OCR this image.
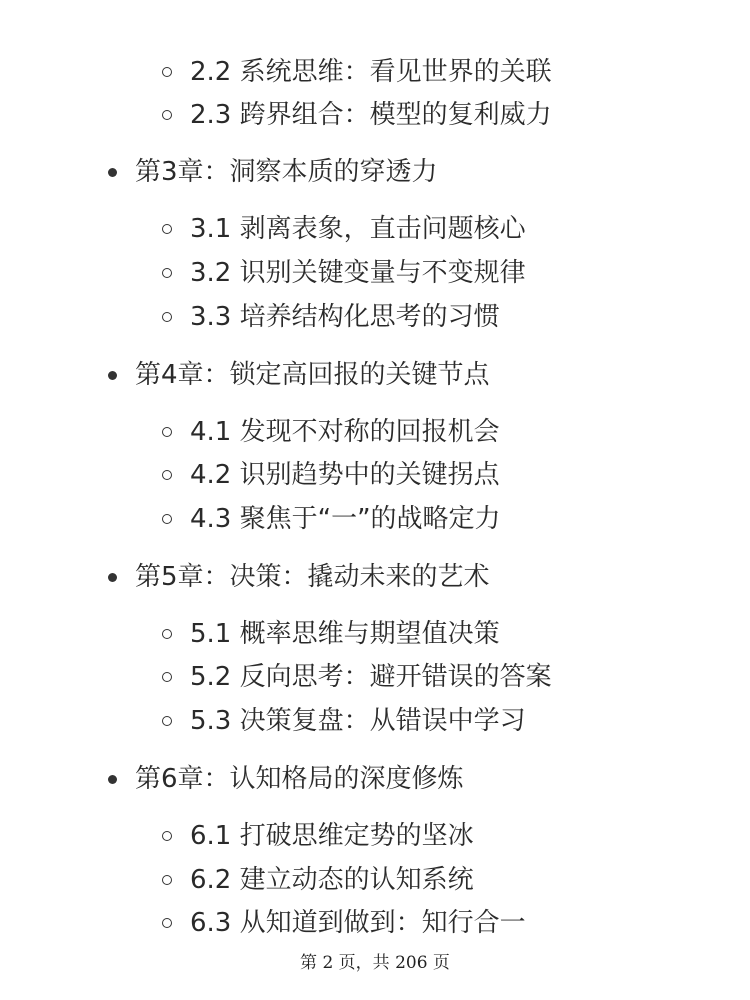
2.2 系统思维：看见世界的关联
2.3 跨界组合：模型的复利威力
第3章：洞察本质的穿透力
3.1 剥离表象，直击问题核心
3.2 识别关键变量与不变规律
3.3 培养结构化思考的习惯
第4章：锁定高回报的关键节点
4.1 发现不对称的回报机会
4.2 识别趋势中的关键拐点
4.3 聚焦于“一”的战略定力
第5章：决策：撬动未来的艺术
5.1 概率思维与期望值决策
5.2 反向思考：避开错误的答案
5.3 决策复盘：从错误中学习
第6章：认知格局的深度修炼
6.1 打破思维定势的坚冰
6.2 建立动态的认知系统
6.3 从知道到做到：知行合一
第 2 页，共 206 页
